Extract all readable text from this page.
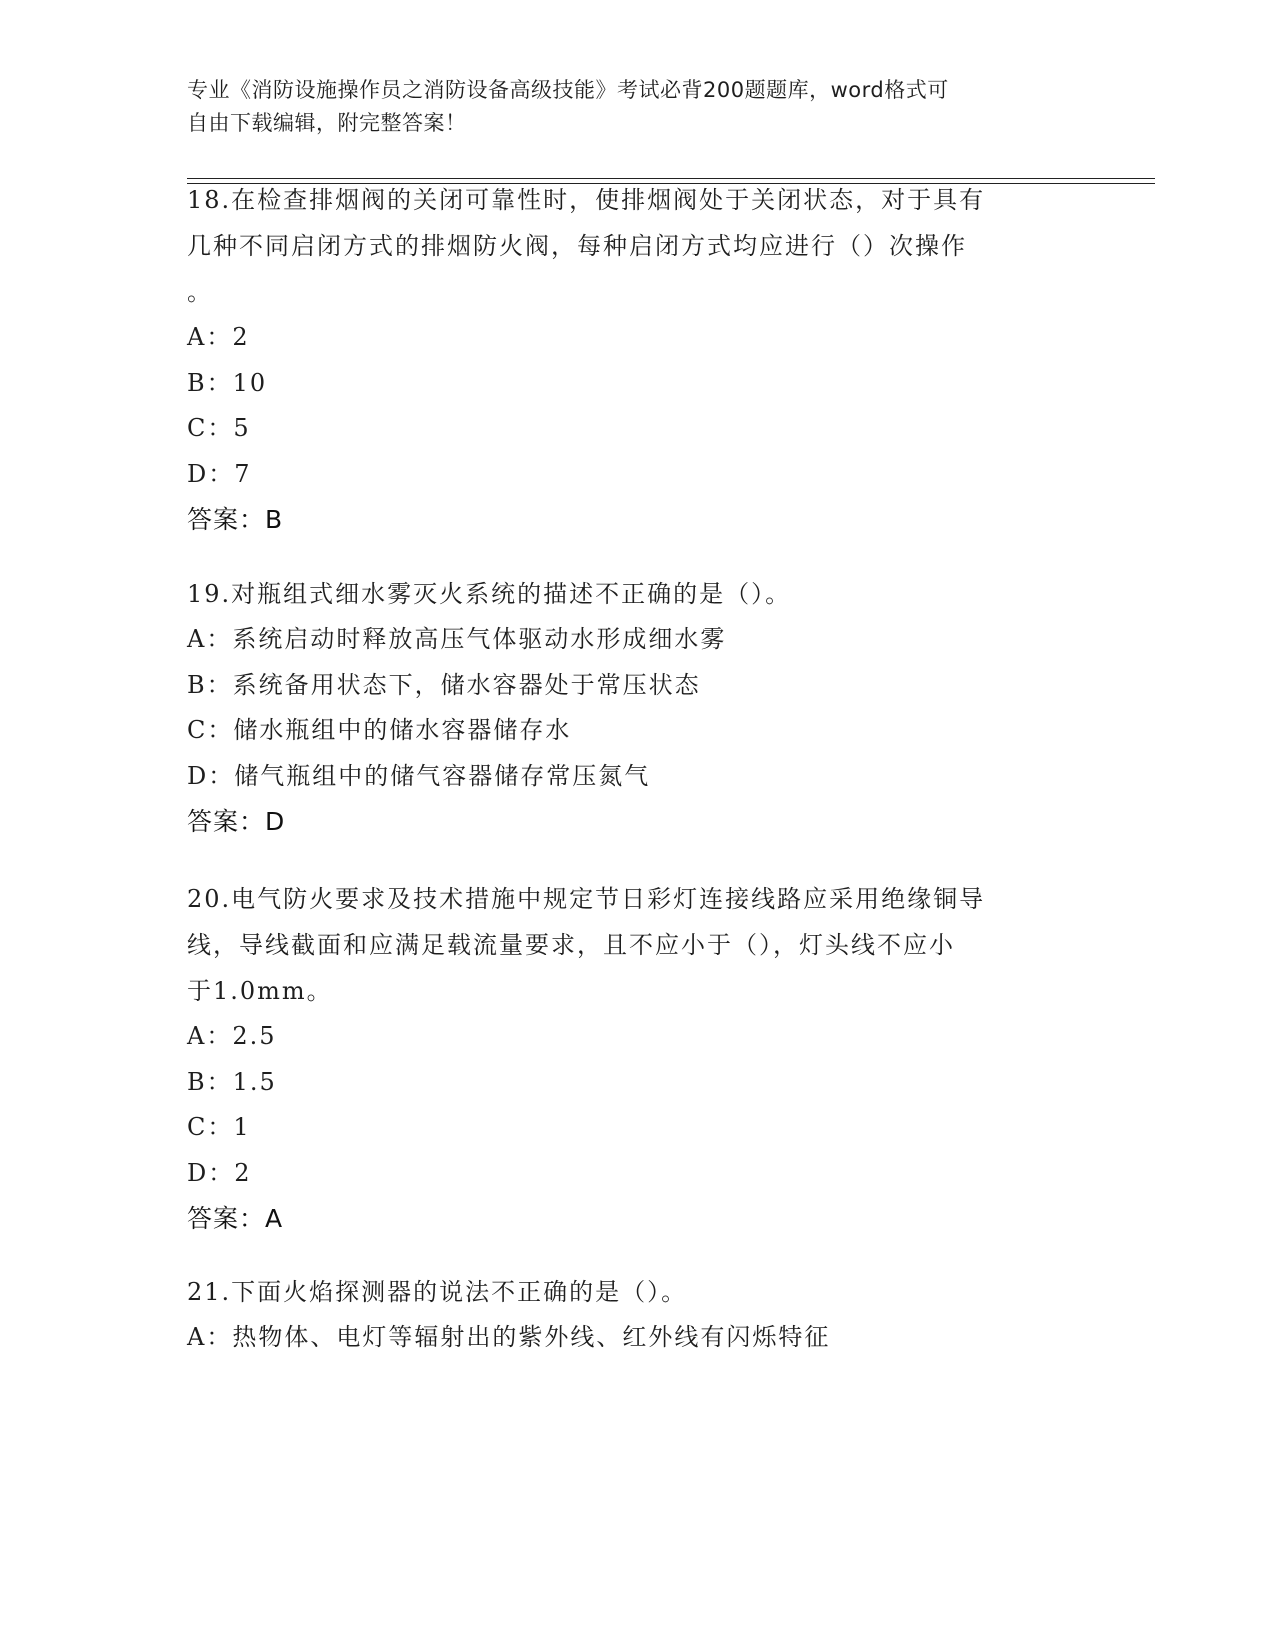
专业《消防设施操作员之消防设备高级技能》考试必背200题题库，word格式可
自由下载编辑，附完整答案！

18.在检查排烟阀的关闭可靠性时，使排烟阀处于关闭状态，对于具有
几种不同启闭方式的排烟防火阀，每种启闭方式均应进行（）次操作
。

A：2

B：10

C：5

D：7

答案：B

19.对瓶组式细水雾灭火系统的描述不正确的是（）。

A：系统启动时释放高压气体驱动水形成细水雾

B：系统备用状态下，储水容器处于常压状态

C：储水瓶组中的储水容器储存水

D：储气瓶组中的储气容器储存常压氮气

答案：D

20.电气防火要求及技术措施中规定节日彩灯连接线路应采用绝缘铜导
线，导线截面和应满足载流量要求，且不应小于（），灯头线不应小
于1.0mm。

A：2.5

B：1.5

C：1

D：2

答案：A

21.下面火焰探测器的说法不正确的是（）。

A：热物体、电灯等辐射出的紫外线、红外线有闪烁特征
